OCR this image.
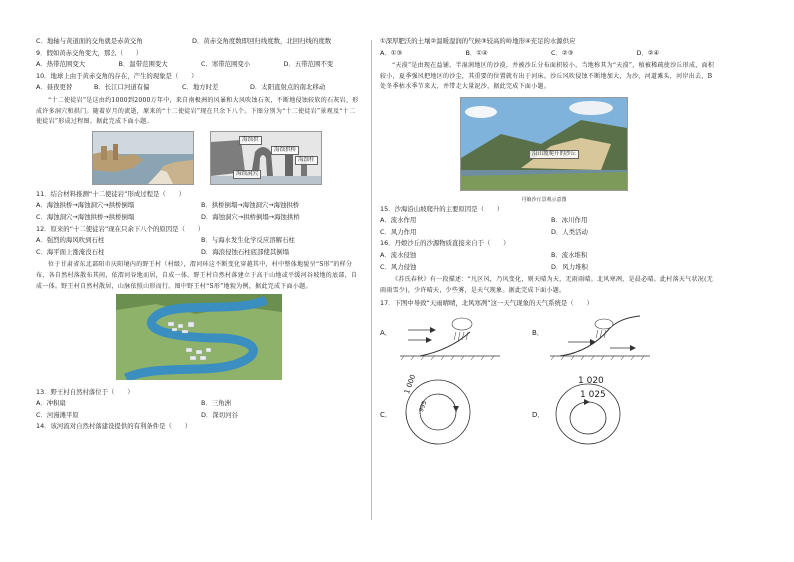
C．地轴与黄道面的交角就是赤黄交角	D．黄赤交角度数即回归线度数，北回归线的度数

9．假如黄赤交角变大，那么（　　）

A．热带范围变大	B．温带范围变大	C．寒带范围变小	D．五带范围不变

10．地球上由于黄赤交角的存在，产生的现象是（　　）

A．昼夜更替	B．长江口河道有偏	C．地方时差	D．太阳直射点的南北移动

“十二使徒岩”是这由约1000到2000万年中，来自南极洲的风暴和大风吹蚀石灰，不断地侵蚀较软的石灰岩，形成许多洞穴和拱门。随着岁月的流逝，原来的“十二使徒岩”现在只余下八个。下图分别为“十二使徒岩”景观及“十二使徒岩”形成过程图。据此完成下面小题。

海蚀拱
海蚀拱桥
海蚀柱
海蚀洞穴

11．结合材料推测“十二使徒岩”形成过程是（　　）

A．海蚀拱桥→海蚀洞穴→拱桥倒塌	B．拱桥倒塌→海蚀洞穴→海蚀拱桥
C．海蚀洞穴→海蚀拱桥→拱桥倒塌	D．海蚀洞穴→拱桥倒塌→海蚀拱桥

12．原来的“十二使徒岩”现在只余下八个的原因是（　　）

A．强烈的海风吹到石柱	B．与海水发生化学反应溶解石柱
C．海平面上涨淹没石柱	D．海浪侵蚀石柱底部使其倒塌

位于甘肃省东北部阳市庆阳境内的野王村（村级），渭河环这不断变化穿越其中，村中整体地貌呈“S形”的样分布，各自然村落散布其间，依渭河谷地而居，自成一体。野王村自然村落建立于高于山地或平缓河谷坡地的底部，自成一体。野王村自然村散居，山脉依照山形而行。图中野王村“S形”地貌为例，据此完成下面小题。

13．野王村自然村落位于（　　）

A．冲积扇	B．三角洲
C．河漫滩平原	D．深切河谷

14．该河流对自然村落建设提供的有利条件是（　　）

①深厚肥沃的土壤②温暖湿润的气候③较高的岭地形④充足的水源供应

A．①③	B．①④	C．②③	D．②④

“天漠”是由现在益铺、半湿润地区的沙漠，并被沙丘分布面积较小，当地称其为“天漠”，植被稀疏使沙丘形成，面积较小，夏季强风把地区的沙尘，其重要的位置就有出于河床。沙丘风吹侵蚀不断地加大，为沙，河道滩头，河岸出去，B处冬季枯水季节来大，并带走大量泥沙，据此完成下面小题。

沿山坡爬升的沙丘
丹娘沙丘景观示意图

15．沙海沿山坡爬升的主要原因是（　　）

A．流水作用	B．冰川作用
C．风力作用	D．人类活动

16．丹娘沙丘的沙源物质直接来自于（　　）

A．流水侵蚀	B．流水堆积
C．风力侵蚀	D．风力堆积

《苏氏春秋》有一段描述：“凡区风，乃风变化，则天晴为天，无雨雨晴。北风寒冽，是晨必晴。此村落天气状况(无雨雨雪少)，少许晴天，少些雾，是天气现象。据此完成下面小题。

17．下图中导致“天雨晴晴，北风寒冽”这一天气现象的天气系统是（　　）

A．	B．
C．
1 000
995
D．
1 020
1 025
